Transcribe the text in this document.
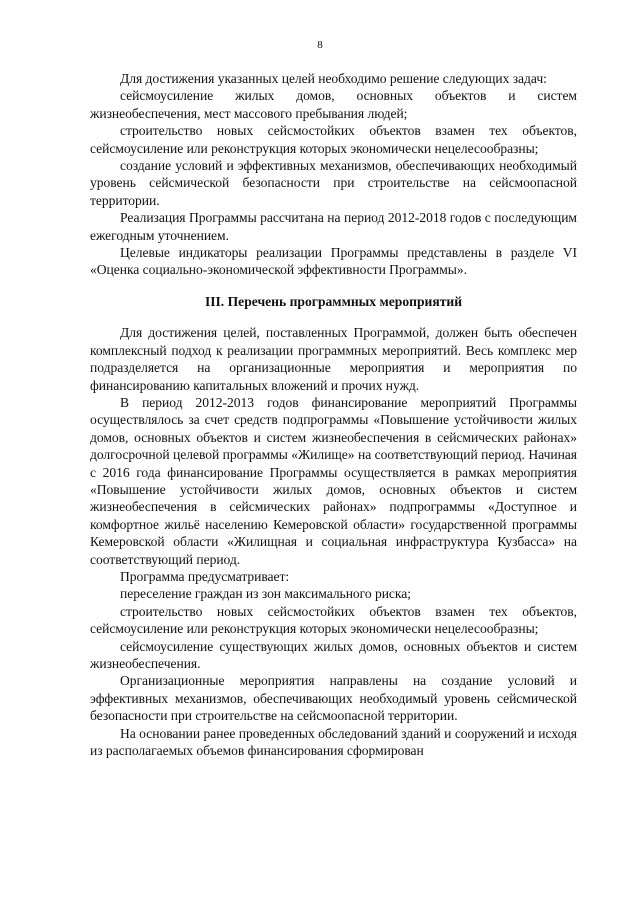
8

Для достижения указанных целей необходимо решение следующих задач:

сейсмоусиление жилых домов, основных объектов и систем жизнеобеспечения, мест массового пребывания людей;

строительство новых сейсмостойких объектов взамен тех объектов, сейсмоусиление или реконструкция которых экономически нецелесообразны;

создание условий и эффективных механизмов, обеспечивающих необходимый уровень сейсмической безопасности при строительстве на сейсмоопасной территории.

Реализация Программы рассчитана на период 2012-2018 годов с последующим ежегодным уточнением.

Целевые индикаторы реализации Программы представлены в разделе VI «Оценка социально-экономической эффективности Программы».

III. Перечень программных мероприятий

Для достижения целей, поставленных Программой, должен быть обеспечен комплексный подход к реализации программных мероприятий. Весь комплекс мер подразделяется на организационные мероприятия и мероприятия по финансированию капитальных вложений и прочих нужд.

В период 2012-2013 годов финансирование мероприятий Программы осуществлялось за счет средств подпрограммы «Повышение устойчивости жилых домов, основных объектов и систем жизнеобеспечения в сейсмических районах» долгосрочной целевой программы «Жилище» на соответствующий период. Начиная с 2016 года финансирование Программы осуществляется в рамках мероприятия «Повышение устойчивости жилых домов, основных объектов и систем жизнеобеспечения в сейсмических районах» подпрограммы «Доступное и комфортное жильё населению Кемеровской области» государственной программы Кемеровской области «Жилищная и социальная инфраструктура Кузбасса» на соответствующий период.

Программа предусматривает:

переселение граждан из зон максимального риска;

строительство новых сейсмостойких объектов взамен тех объектов, сейсмоусиление или реконструкция которых экономически нецелесообразны;

сейсмоусиление существующих жилых домов, основных объектов и систем жизнеобеспечения.

Организационные мероприятия направлены на создание условий и эффективных механизмов, обеспечивающих необходимый уровень сейсмической безопасности при строительстве на сейсмоопасной территории.

На основании ранее проведенных обследований зданий и сооружений и исходя из располагаемых объемов финансирования сформирован
